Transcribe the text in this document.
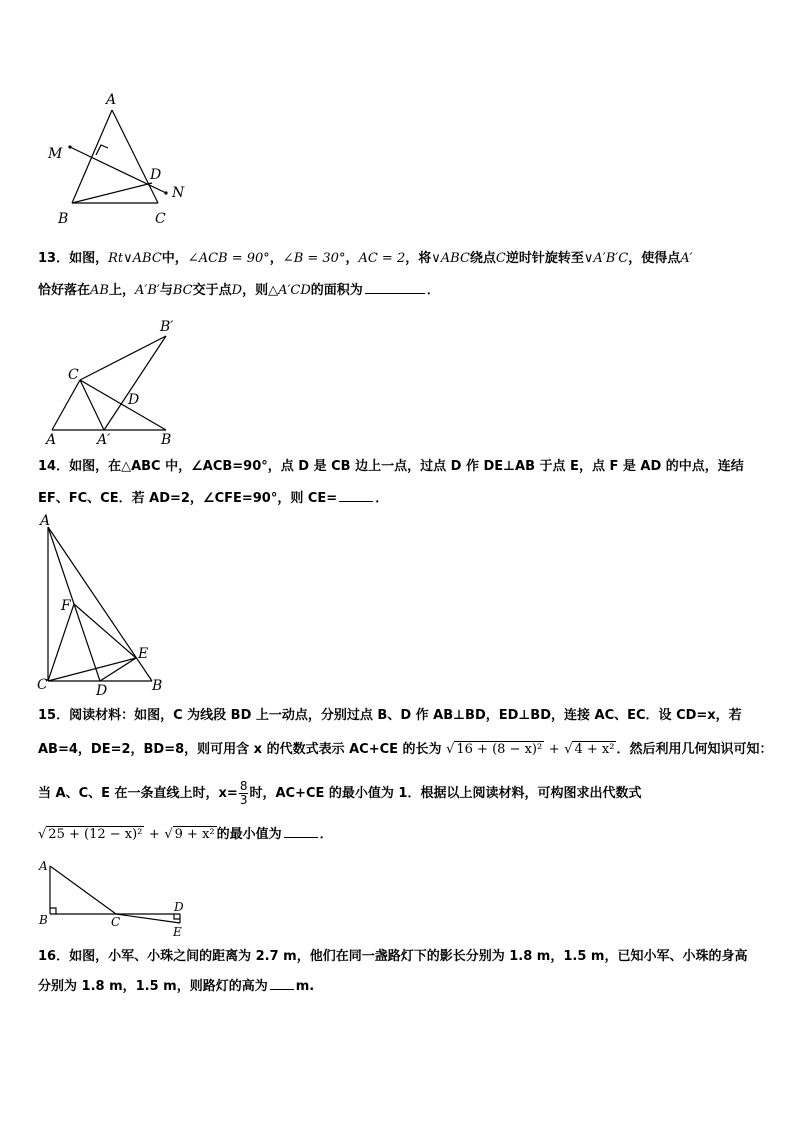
A
M
D
N
B	C
13．如图，Rt∨ABC中，∠ACB = 90°，∠B = 30°，AC = 2，将∨ABC绕点C逆时针旋转至∨A′B′C，使得点A′
恰好落在AB上，A′B′与BC交于点D，则△A′CD的面积为	．
B′
C
D
A	A′	B
14．如图，在△ABC 中，∠ACB=90°，点 D 是 CB 边上一点，过点 D 作 DE⊥AB 于点 E，点 F 是 AD 的中点，连结
EF、FC、CE．若 AD=2，∠CFE=90°，则 CE=	．
A
F
E
C	D	B
15．阅读材料：如图，C 为线段 BD 上一动点，分别过点 B、D 作 AB⊥BD，ED⊥BD，连接 AC、EC．设 CD=x，若
AB=4，DE=2，BD=8，则可用含 x 的代数式表示 AC+CE 的长为 √ 16 + (8 − x)² + √ 4 + x² ．然后利用几何知识可知：
当 A、C、E 在一条直线上时，$x= \frac{8}{3}$ 时，AC+CE 的最小值为 1．根据以上阅读材料，可构图求出代数式
√ 25 + (12 − x)² + √ 9 + x² 的最小值为	．
A
B	C
D
E
16．如图，小军、小珠之间的距离为 2.7 m，他们在同一盏路灯下的影长分别为 1.8 m，1.5 m，已知小军、小珠的身高
分别为 1.8 m，1.5 m，则路灯的高为 m.
